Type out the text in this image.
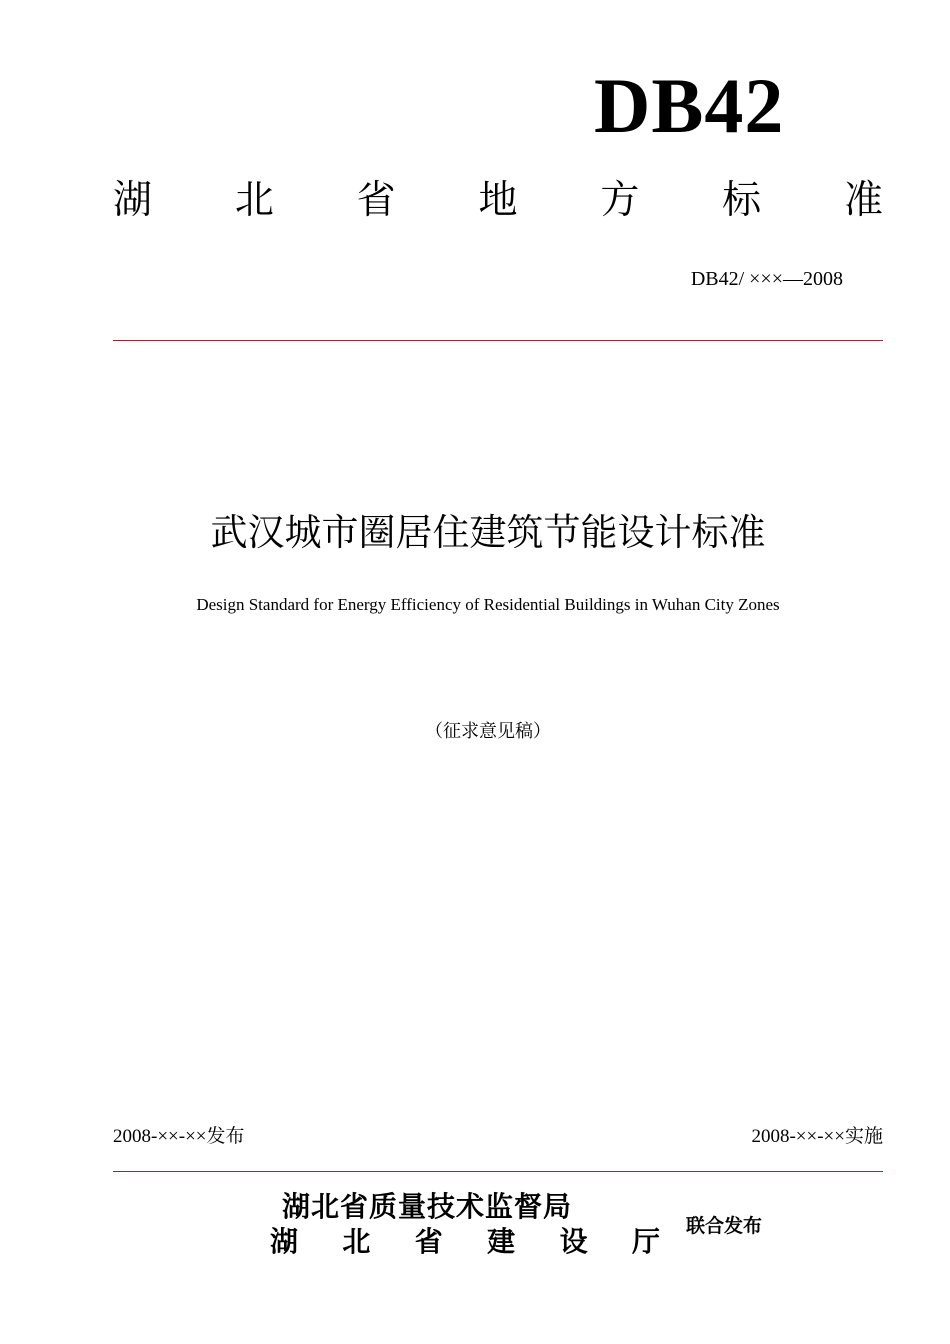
DB42
湖 北 省 地 方 标 准
DB42/ ×××—2008
武汉城市圈居住建筑节能设计标准
Design Standard for Energy Efficiency of Residential Buildings in Wuhan City Zones
（征求意见稿）
2008-××-××发布	2008-××-××实施
湖北省质量技术监督局
湖 北 省 建 设 厅 联合发布
